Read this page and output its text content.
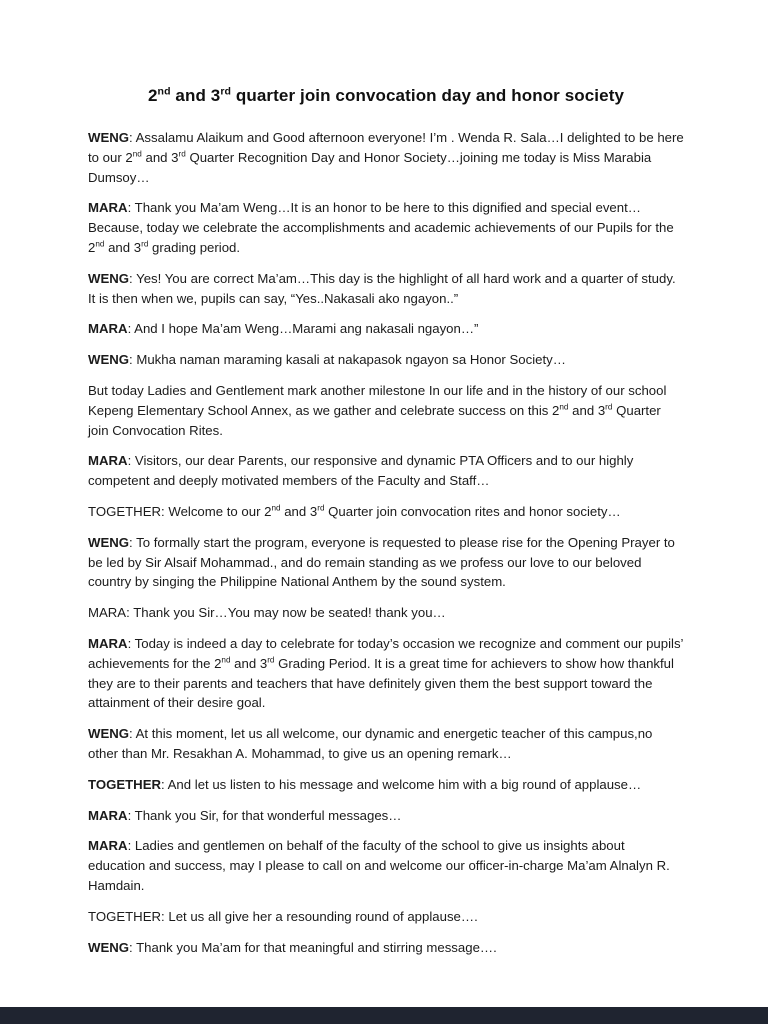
2nd and 3rd quarter join convocation day and honor society

WENG: Assalamu Alaikum and Good afternoon everyone! I’m . Wenda R. Sala…I delighted to be here to our 2nd and 3rd Quarter Recognition Day and Honor Society…joining me today is Miss Marabia Dumsoy…

MARA: Thank you Ma’am Weng…It is an honor to be here to this dignified and special event…Because, today we celebrate the accomplishments and academic achievements of our Pupils for the 2nd and 3rd grading period.

WENG: Yes! You are correct Ma’am…This day is the highlight of all hard work and a quarter of study. It is then when we, pupils can say, “Yes..Nakasali ako ngayon..”

MARA: And I hope Ma’am Weng…Marami ang nakasali ngayon…”

WENG: Mukha naman maraming kasali at nakapasok ngayon sa Honor Society…

But today Ladies and Gentlement mark another milestone In our life and in the history of our school Kepeng Elementary School Annex, as we gather and celebrate success on this 2nd and 3rd Quarter join Convocation Rites.

MARA: Visitors, our dear Parents, our responsive and dynamic PTA Officers and to our highly competent and deeply motivated members of the Faculty and Staff…

TOGETHER: Welcome to our 2nd and 3rd Quarter join convocation rites and honor society…

WENG: To formally start the program, everyone is requested to please rise for the Opening Prayer to be led by Sir Alsaif Mohammad., and do remain standing as we profess our love to our beloved country by singing the Philippine National Anthem by the sound system.

MARA: Thank you Sir…You may now be seated! thank you…

MARA: Today is indeed a day to celebrate for today’s occasion we recognize and comment our pupils’ achievements for the 2nd and 3rd Grading Period. It is a great time for achievers to show how thankful they are to their parents and teachers that have definitely given them the best support toward the attainment of their desire goal.

WENG: At this moment, let us all welcome, our dynamic and energetic teacher of this campus,no other than Mr. Resakhan A. Mohammad, to give us an opening remark…

TOGETHER: And let us listen to his message and welcome him with a big round of applause…

MARA: Thank you Sir, for that wonderful messages…

MARA: Ladies and gentlemen on behalf of the faculty of the school to give us insights about education and success, may I please to call on and welcome our officer-in-charge Ma’am Alnalyn R. Hamdain.

TOGETHER: Let us all give her a resounding round of applause….

WENG: Thank you Ma’am for that meaningful and stirring message….
